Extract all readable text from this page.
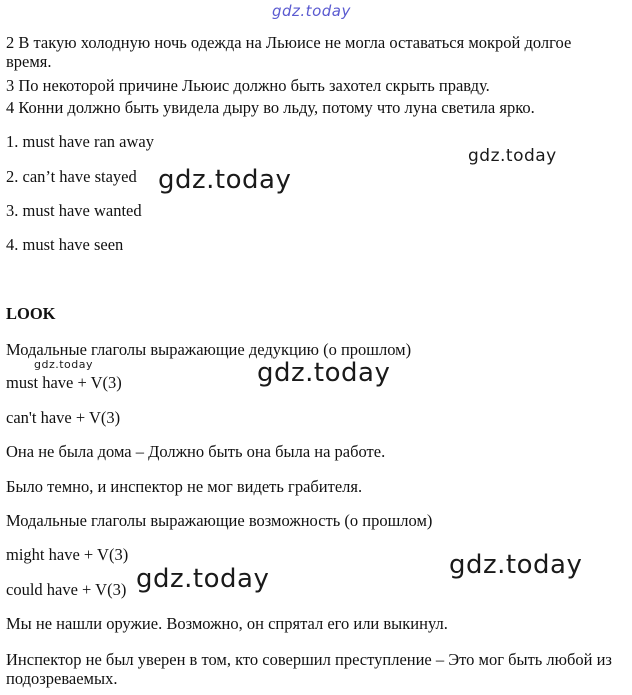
gdz.today

2 В такую холодную ночь одежда на Льюисе не могла оставаться мокрой долгое время.

3 По некоторой причине Льюис должно быть захотел скрыть правду.

4 Конни должно быть увидела дыру во льду, потому что луна светила ярко.

1. must have ran away

2. can’t have stayed

3. must have wanted

4. must have seen

LOOK

Модальные глаголы выражающие дедукцию (о прошлом)

must have + V(3)

can't have + V(3)

Она не была дома – Должно быть она была на работе.

Было темно, и инспектор не мог видеть грабителя.

Модальные глаголы выражающие возможность (о прошлом)

might have + V(3)

could have + V(3)

Мы не нашли оружие. Возможно, он спрятал его или выкинул.

Инспектор не был уверен в том, кто совершил преступление – Это мог быть любой из подозреваемых.

gdz.today
gdz.today
gdz.today	gdz.today
gdz.today	gdz.today
